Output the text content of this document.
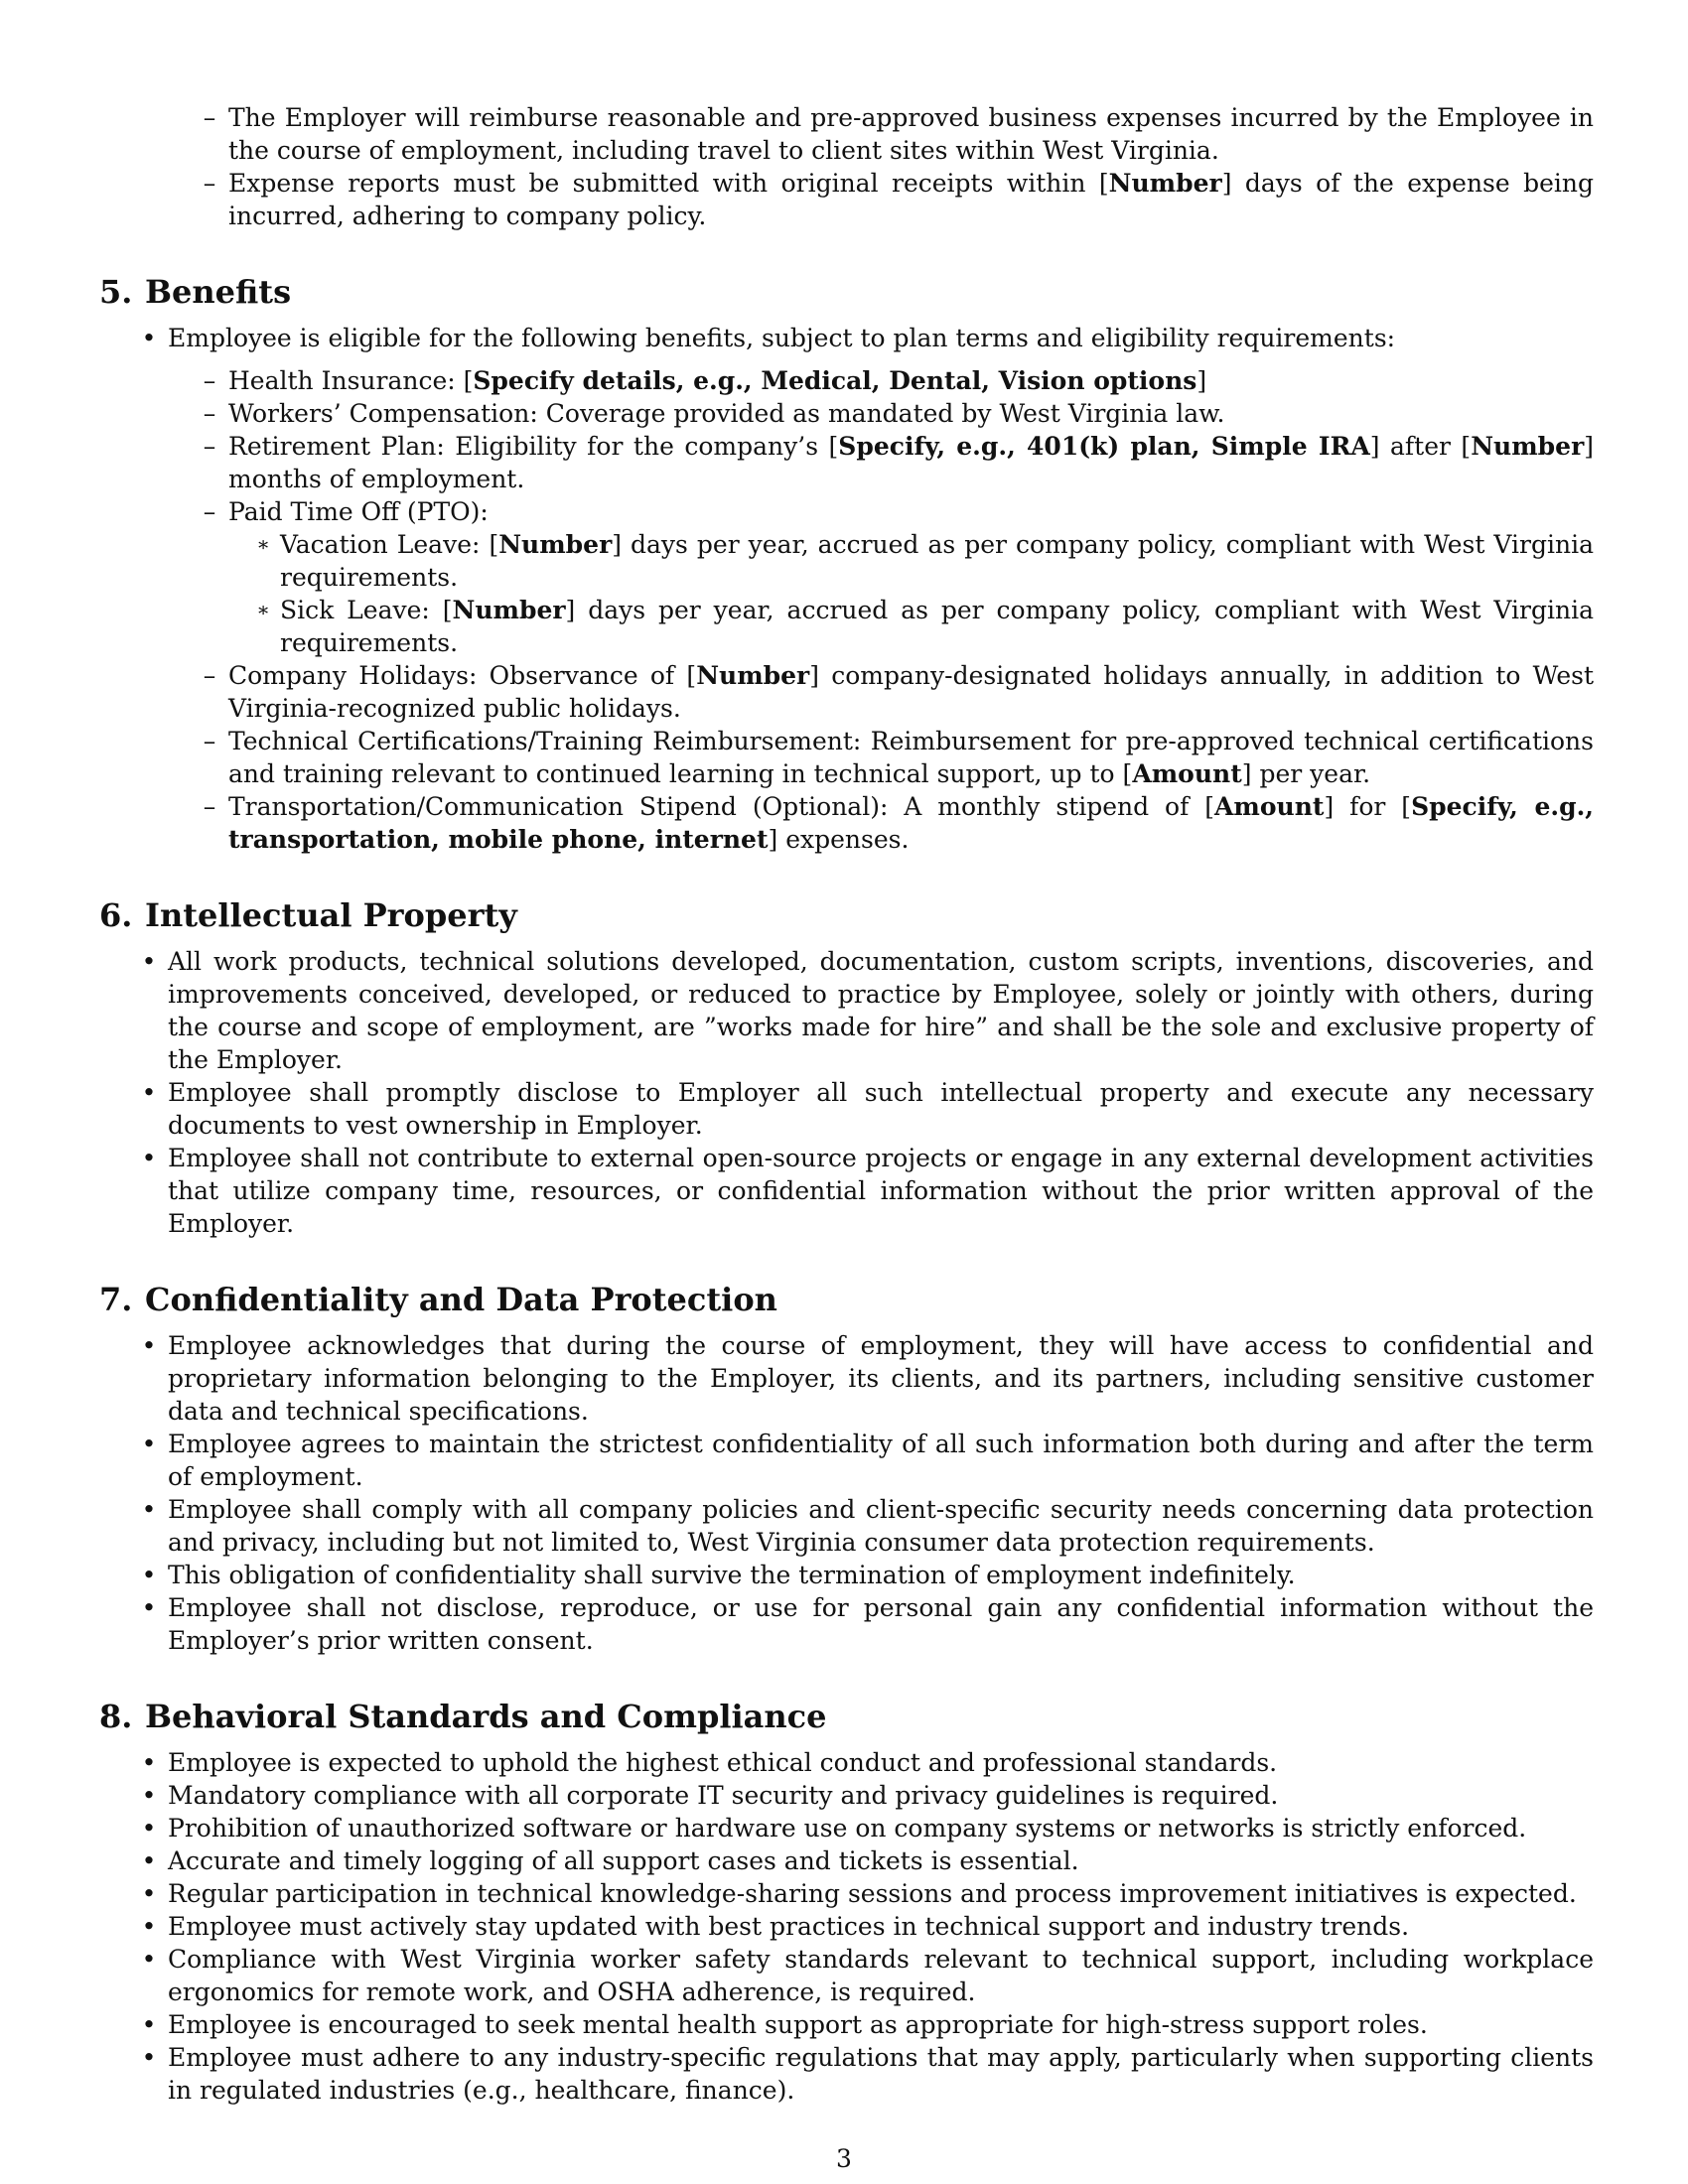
– The Employer will reimburse reasonable and pre-approved business expenses incurred by the Employee in the course of employment, including travel to client sites within West Virginia.
– Expense reports must be submitted with original receipts within [Number] days of the expense being incurred, adhering to company policy.
5. Benefits
• Employee is eligible for the following benefits, subject to plan terms and eligibility requirements:
– Health Insurance: [Specify details, e.g., Medical, Dental, Vision options]
– Workers’ Compensation: Coverage provided as mandated by West Virginia law.
– Retirement Plan: Eligibility for the company’s [Specify, e.g., 401(k) plan, Simple IRA] after [Number] months of employment.
– Paid Time Off (PTO):
∗ Vacation Leave: [Number] days per year, accrued as per company policy, compliant with West Virginia requirements.
∗ Sick Leave: [Number] days per year, accrued as per company policy, compliant with West Virginia requirements.
– Company Holidays: Observance of [Number] company-designated holidays annually, in addition to West Virginia-recognized public holidays.
– Technical Certifications/Training Reimbursement: Reimbursement for pre-approved technical certifications and training relevant to continued learning in technical support, up to [Amount] per year.
– Transportation/Communication Stipend (Optional): A monthly stipend of [Amount] for [Specify, e.g., transportation, mobile phone, internet] expenses.
6. Intellectual Property
• All work products, technical solutions developed, documentation, custom scripts, inventions, discoveries, and improvements conceived, developed, or reduced to practice by Employee, solely or jointly with others, during the course and scope of employment, are ”works made for hire” and shall be the sole and exclusive property of the Employer.
• Employee shall promptly disclose to Employer all such intellectual property and execute any necessary documents to vest ownership in Employer.
• Employee shall not contribute to external open-source projects or engage in any external development activities that utilize company time, resources, or confidential information without the prior written approval of the Employer.
7. Confidentiality and Data Protection
• Employee acknowledges that during the course of employment, they will have access to confidential and proprietary information belonging to the Employer, its clients, and its partners, including sensitive customer data and technical specifications.
• Employee agrees to maintain the strictest confidentiality of all such information both during and after the term of employment.
• Employee shall comply with all company policies and client-specific security needs concerning data protection and privacy, including but not limited to, West Virginia consumer data protection requirements.
• This obligation of confidentiality shall survive the termination of employment indefinitely.
• Employee shall not disclose, reproduce, or use for personal gain any confidential information without the Employer’s prior written consent.
8. Behavioral Standards and Compliance
• Employee is expected to uphold the highest ethical conduct and professional standards.
• Mandatory compliance with all corporate IT security and privacy guidelines is required.
• Prohibition of unauthorized software or hardware use on company systems or networks is strictly enforced.
• Accurate and timely logging of all support cases and tickets is essential.
• Regular participation in technical knowledge-sharing sessions and process improvement initiatives is expected.
• Employee must actively stay updated with best practices in technical support and industry trends.
• Compliance with West Virginia worker safety standards relevant to technical support, including workplace ergonomics for remote work, and OSHA adherence, is required.
• Employee is encouraged to seek mental health support as appropriate for high-stress support roles.
• Employee must adhere to any industry-specific regulations that may apply, particularly when supporting clients in regulated industries (e.g., healthcare, finance).
3
